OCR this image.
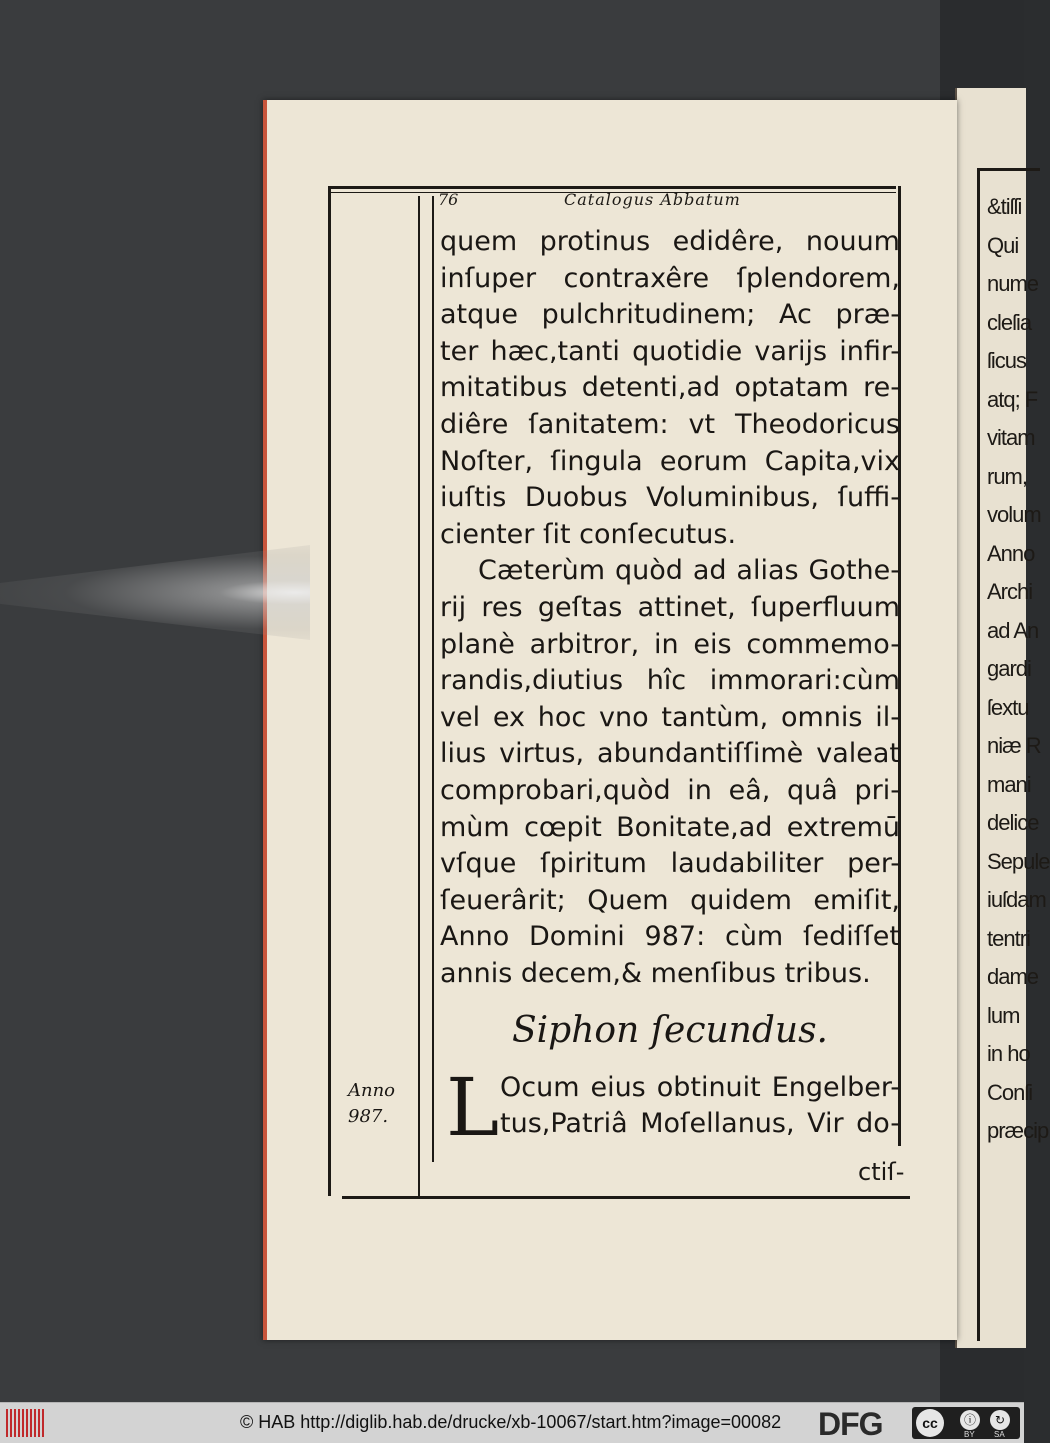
&tiſſi
Qui
nume
cleſia
ſicus
atq; F
vitam
rum,
volum
Anno
Archi
ad An
gardi
ſextu
niæ R
mani
delice
Sepule
iuſdam
tentri
dame
lum
in ho
Conſi
præcip
76	Catalogus Abbatum
quem protinus edidêre, nouum
inſuper contraxêre ſplendorem,
atque pulchritudinem; Ac præ-
ter hæc,tanti quotidie varijs infir-
mitatibus detenti,ad optatam re-
diêre ſanitatem: vt Theodoricus
Noſter, ſingula eorum Capita,vix
iuſtis Duobus Voluminibus, ſuffi-
cienter ſit conſecutus.
Cæterùm quòd ad alias Gothe-
rij res geſtas attinet, ſuperfluum
planè arbitror, in eis commemo-
randis,diutius hîc immorari:cùm
vel ex hoc vno tantùm, omnis il-
lius virtus, abundantiſſimè valeat
comprobari,quòd in eâ, quâ pri-
mùm cœpit Bonitate,ad extremū
vſque ſpiritum laudabiliter per-
ſeuerârit; Quem quidem emiſit,
Anno Domini 987: cùm ſediſſet
annis decem,& menſibus tribus.
Siphon ſecundus.
L Ocum eius obtinuit Engelber-
tus,Patriâ Moſellanus, Vir do-
Anno
987.
ctiſ-
© HAB http://diglib.hab.de/drucke/xb-10067/start.htm?image=00082 DFG	cc	ⓘ	↻
BY SA
